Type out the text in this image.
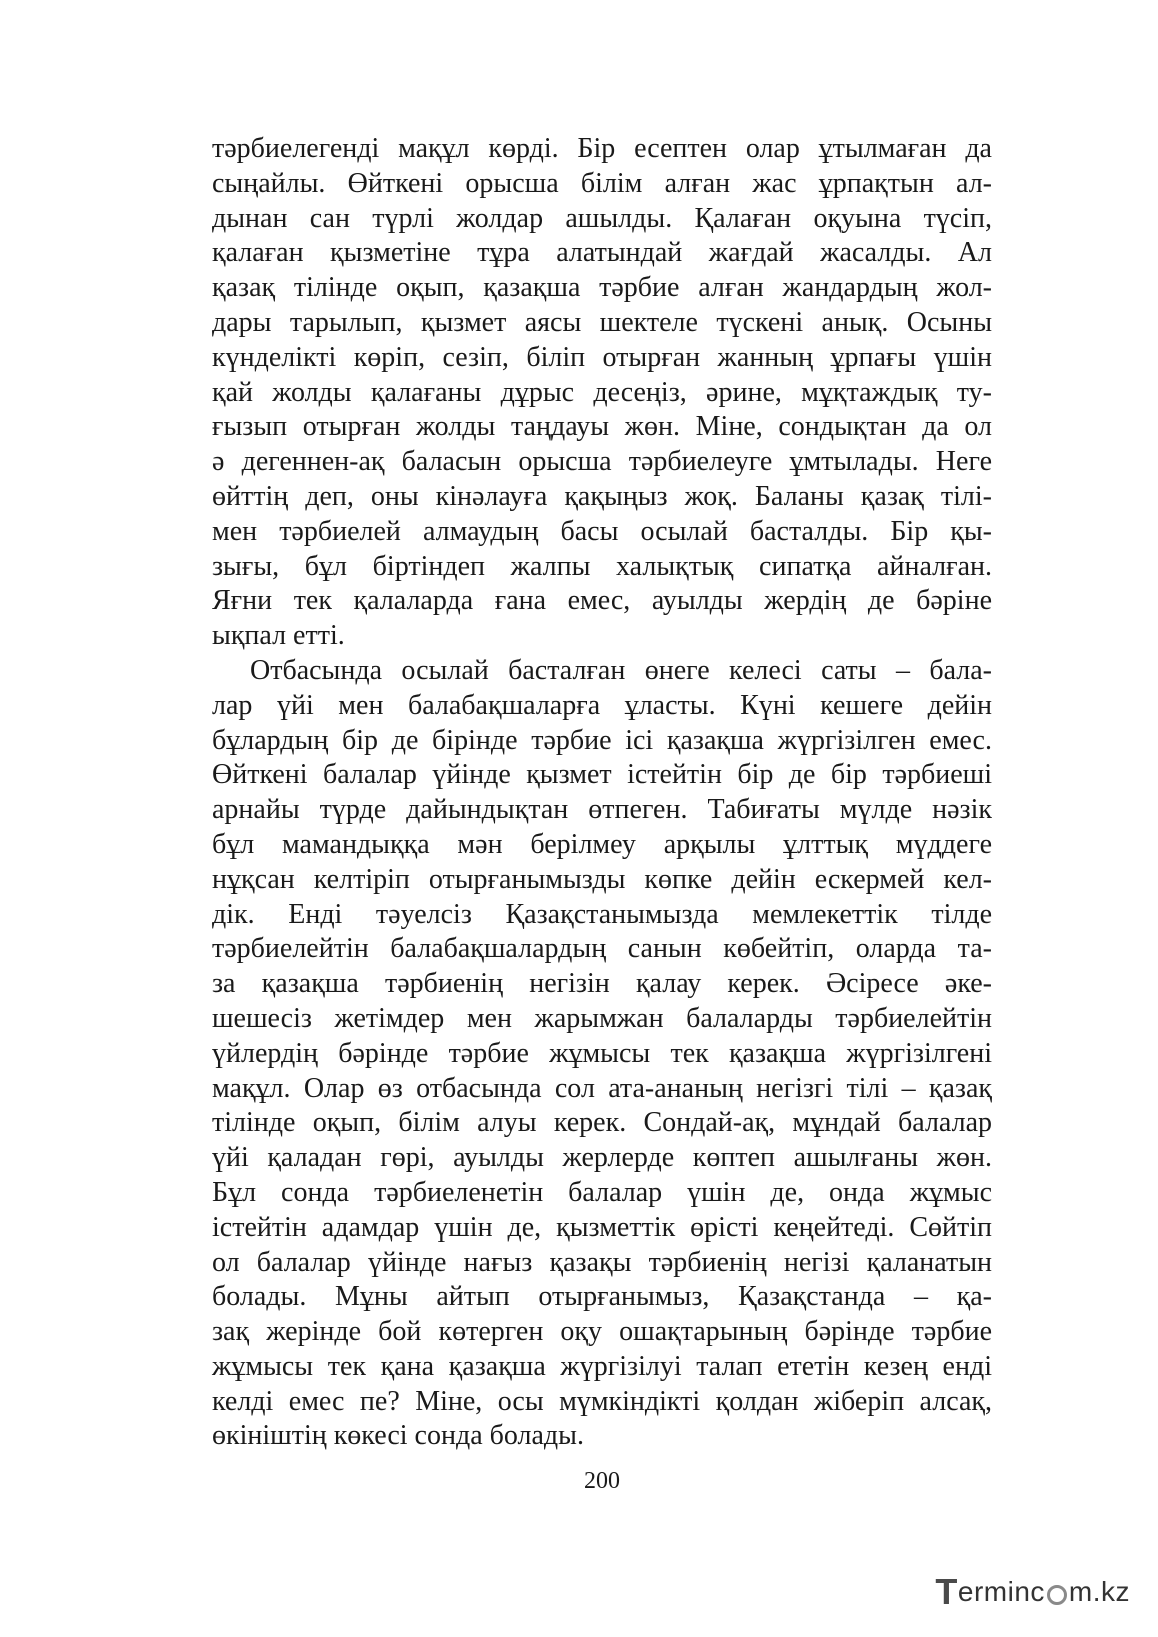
тәрбиелегенді мақұл көрді. Бір есептен олар ұтылмаған да
сыңайлы. Өйткені орысша білім алған жас ұрпақтын ал-
дынан сан түрлі жолдар ашылды. Қалаған оқуына түсіп,
қалаған қызметіне тұра алатындай жағдай жасалды. Ал
қазақ тілінде оқып, қазақша тәрбие алған жандардың жол-
дары тарылып, қызмет аясы шектеле түскені анық. Осыны
күнделікті көріп, сезіп, біліп отырған жанның ұрпағы үшін
қай жолды қалағаны дұрыс десеңіз, әрине, мұқтаждық ту-
ғызып отырған жолды таңдауы жөн. Міне, сондықтан да ол
ә дегеннен-ақ баласын орысша тәрбиелеуге ұмтылады. Неге
өйттің деп, оны кінәлауға қақыңыз жоқ. Баланы қазақ тілі-
мен тәрбиелей алмаудың басы осылай басталды. Бір қы-
зығы, бұл біртіндеп жалпы халықтық сипатқа айналған.
Яғни тек қалаларда ғана емес, ауылды жердің де бәріне
ықпал етті.
Отбасында осылай басталған өнеге келесі саты – бала-
лар үйі мен балабақшаларға ұласты. Күні кешеге дейін
бұлардың бір де бірінде тәрбие ісі қазақша жүргізілген емес.
Өйткені балалар үйінде қызмет істейтін бір де бір тәрбиеші
арнайы түрде дайындықтан өтпеген. Табиғаты мүлде нәзік
бұл мамандыққа мән берілмеу арқылы ұлттық мүддеге
нұқсан келтіріп отырғанымызды көпке дейін ескермей кел-
дік. Енді тәуелсіз Қазақстанымызда мемлекеттік тілде
тәрбиелейтін балабақшалардың санын көбейтіп, оларда та-
за қазақша тәрбиенің негізін қалау керек. Әсіресе әке-
шешесіз жетімдер мен жарымжан балаларды тәрбиелейтін
үйлердің бәрінде тәрбие жұмысы тек қазақша жүргізілгені
мақұл. Олар өз отбасында сол ата-ананың негізгі тілі – қазақ
тілінде оқып, білім алуы керек. Сондай-ақ, мұндай балалар
үйі қаладан гөрі, ауылды жерлерде көптеп ашылғаны жөн.
Бұл сонда тәрбиеленетін балалар үшін де, онда жұмыс
істейтін адамдар үшін де, қызметтік өрісті кеңейтеді. Сөйтіп
ол балалар үйінде нағыз қазақы тәрбиенің негізі қаланатын
болады. Мұны айтып отырғанымыз, Қазақстанда – қа-
зақ жерінде бой көтерген оқу ошақтарының бәрінде тәрбие
жұмысы тек қана қазақша жүргізілуі талап ететін кезең енді
келді емес пе? Міне, осы мүмкіндікті қолдан жіберіп алсақ,
өкініштің көкесі сонда болады.
200
T erminc m.kz
